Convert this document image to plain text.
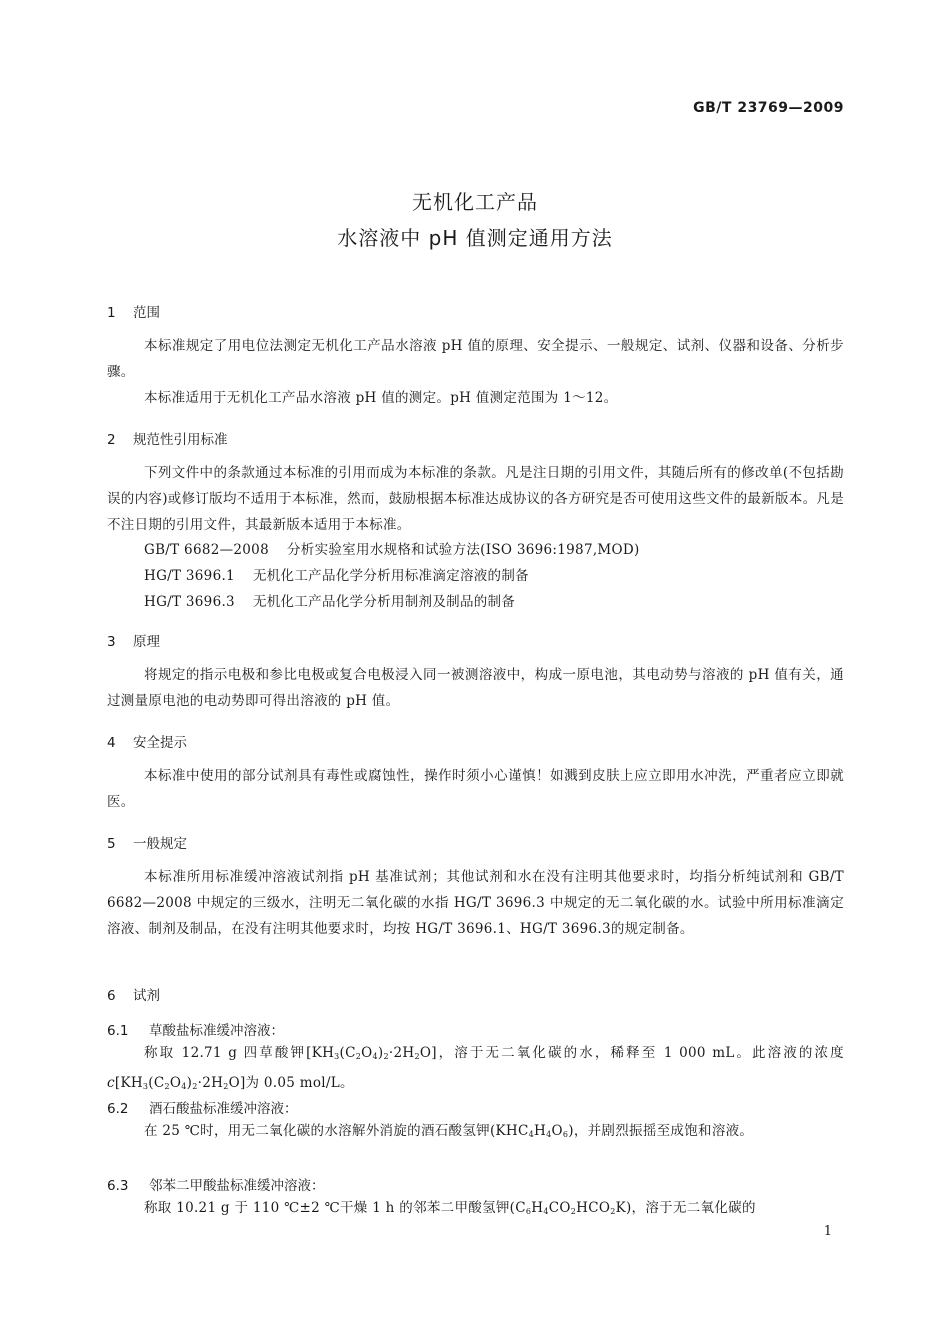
GB/T 23769—2009
无机化工产品
水溶液中 pH 值测定通用方法
1 范围
本标准规定了用电位法测定无机化工产品水溶液 pH 值的原理、安全提示、一般规定、试剂、仪器和设备、分析步骤。
本标准适用于无机化工产品水溶液 pH 值的测定。pH 值测定范围为 1～12。
2 规范性引用标准
下列文件中的条款通过本标准的引用而成为本标准的条款。凡是注日期的引用文件，其随后所有的修改单(不包括勘误的内容)或修订版均不适用于本标准，然而，鼓励根据本标准达成协议的各方研究是否可使用这些文件的最新版本。凡是不注日期的引用文件，其最新版本适用于本标准。
GB/T 6682—2008 分析实验室用水规格和试验方法(ISO 3696:1987,MOD)
HG/T 3696.1 无机化工产品化学分析用标准滴定溶液的制备
HG/T 3696.3 无机化工产品化学分析用制剂及制品的制备
3 原理
将规定的指示电极和参比电极或复合电极浸入同一被测溶液中，构成一原电池，其电动势与溶液的 pH 值有关，通过测量原电池的电动势即可得出溶液的 pH 值。
4 安全提示
本标准中使用的部分试剂具有毒性或腐蚀性，操作时须小心谨慎！如溅到皮肤上应立即用水冲洗，严重者应立即就医。
5 一般规定
本标准所用标准缓冲溶液试剂指 pH 基准试剂；其他试剂和水在没有注明其他要求时，均指分析纯试剂和 GB/T 6682—2008 中规定的三级水，注明无二氧化碳的水指 HG/T 3696.3 中规定的无二氧化碳的水。试验中所用标准滴定溶液、制剂及制品，在没有注明其他要求时，均按 HG/T 3696.1、HG/T 3696.3的规定制备。
6 试剂
6.1 草酸盐标准缓冲溶液：
称取 12.71 g 四草酸钾$[KH_3(C_2O_4)_2\cdot 2H_2O]$，溶于无二氧化碳的水，稀释至 1 000 mL。此溶液的浓度 $c[KH_3(C_2O_4)_2\cdot 2H_2O]$为 0.05 mol/L。
6.2 酒石酸盐标准缓冲溶液：
在 25 ℃时，用无二氧化碳的水溶解外消旋的酒石酸氢钾$(KHC_4H_4O_6)$，并剧烈振摇至成饱和溶液。
6.3 邻苯二甲酸盐标准缓冲溶液：
称取 10.21 g 于 110 ℃±2 ℃干燥 1 h 的邻苯二甲酸氢钾$(C_6H_4CO_2HCO_2K)$，溶于无二氧化碳的
1
